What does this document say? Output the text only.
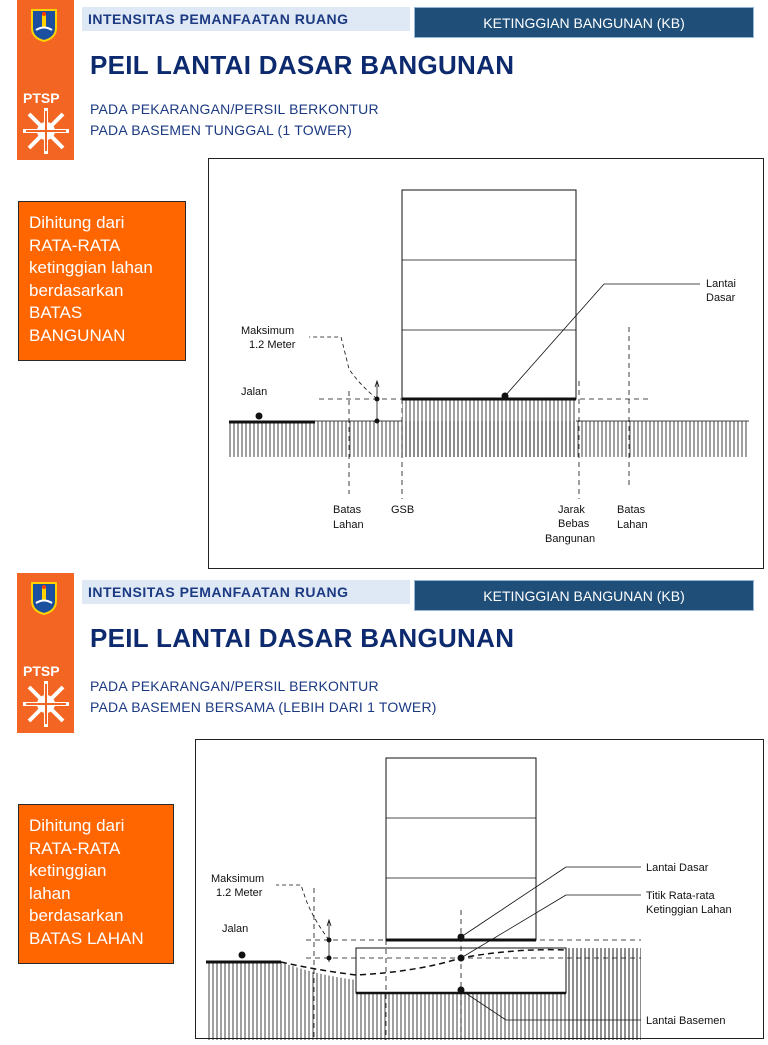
PTSP
INTENSITAS PEMANFAATAN RUANG	KETINGGIAN BANGUNAN (KB)
PEIL LANTAI DASAR BANGUNAN
PADA PEKARANGAN/PERSIL BERKONTUR
PADA BASEMEN TUNGGAL (1 TOWER)
Dihitung dari
RATA-RATA
ketinggian lahan
berdasarkan
BATAS
BANGUNAN
Jalan
Lantai
Dasar
Maksimum
1.2 Meter
Batas
Lahan
GSB	Jarak
Bebas
Bangunan
Batas
Lahan
PTSP
INTENSITAS PEMANFAATAN RUANG	KETINGGIAN BANGUNAN (KB)
PEIL LANTAI DASAR BANGUNAN
PADA PEKARANGAN/PERSIL BERKONTUR
PADA BASEMEN BERSAMA (LEBIH DARI 1 TOWER)
Dihitung dari
RATA-RATA
ketinggian
lahan
berdasarkan
BATAS LAHAN	Jalan
Lantai Dasar
Titik Rata-rata
Ketinggian Lahan
Lantai Basemen
Maksimum
1.2 Meter
